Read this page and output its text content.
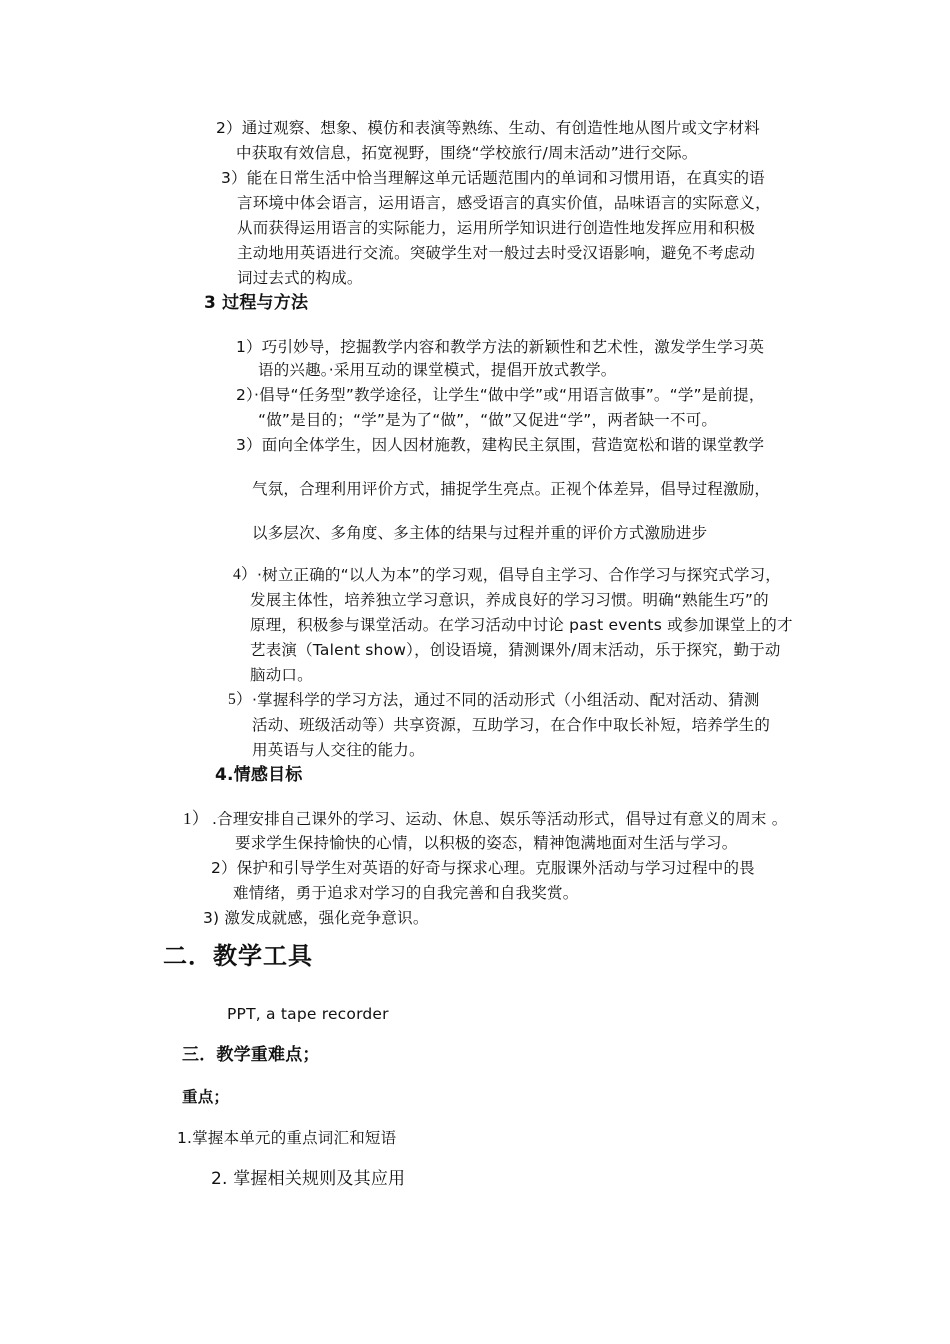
2）通过观察、想象、模仿和表演等熟练、生动、有创造性地从图片或文字材料
中获取有效信息，拓宽视野，围绕“学校旅行/周末活动”进行交际。
3）能在日常生活中恰当理解这单元话题范围内的单词和习惯用语，在真实的语
言环境中体会语言，运用语言，感受语言的真实价值，品味语言的实际意义，
从而获得运用语言的实际能力，运用所学知识进行创造性地发挥应用和积极
主动地用英语进行交流。突破学生对一般过去时受汉语影响，避免不考虑动
词过去式的构成。
3 过程与方法
1）巧引妙导，挖掘教学内容和教学方法的新颖性和艺术性，激发学生学习英
语的兴趣。·采用互动的课堂模式，提倡开放式教学。
2）·倡导“任务型”教学途径，让学生“做中学”或“用语言做事”。“学”是前提，
“做”是目的；“学”是为了“做”，“做”又促进“学”，两者缺一不可。
3）面向全体学生，因人因材施教，建构民主氛围，营造宽松和谐的课堂教学
气氛，合理利用评价方式，捕捉学生亮点。正视个体差异，倡导过程激励，
以多层次、多角度、多主体的结果与过程并重的评价方式激励进步
4） ·树立正确的“以人为本”的学习观，倡导自主学习、合作学习与探究式学习，
发展主体性，培养独立学习意识，养成良好的学习习惯。明确“熟能生巧”的
原理，积极参与课堂活动。在学习活动中讨论 past events 或参加课堂上的才
艺表演（Talent show），创设语境，猜测课外/周末活动，乐于探究，勤于动
脑动口。
5） ·掌握科学的学习方法，通过不同的活动形式（小组活动、配对活动、猜测
活动、班级活动等）共享资源，互助学习，在合作中取长补短，培养学生的
用英语与人交往的能力。
4.情感目标
1） .合理安排自己课外的学习、运动、休息、娱乐等活动形式，倡导过有意义的周末 。
要求学生保持愉快的心情，以积极的姿态，精神饱满地面对生活与学习。
2）保护和引导学生对英语的好奇与探求心理。克服课外活动与学习过程中的畏
难情绪，勇于追求对学习的自我完善和自我奖赏。
3) 激发成就感，强化竞争意识。
二．教学工具
PPT, a tape recorder
三．教学重难点；
重点；
1.掌握本单元的重点词汇和短语
2. 掌握相关规则及其应用
